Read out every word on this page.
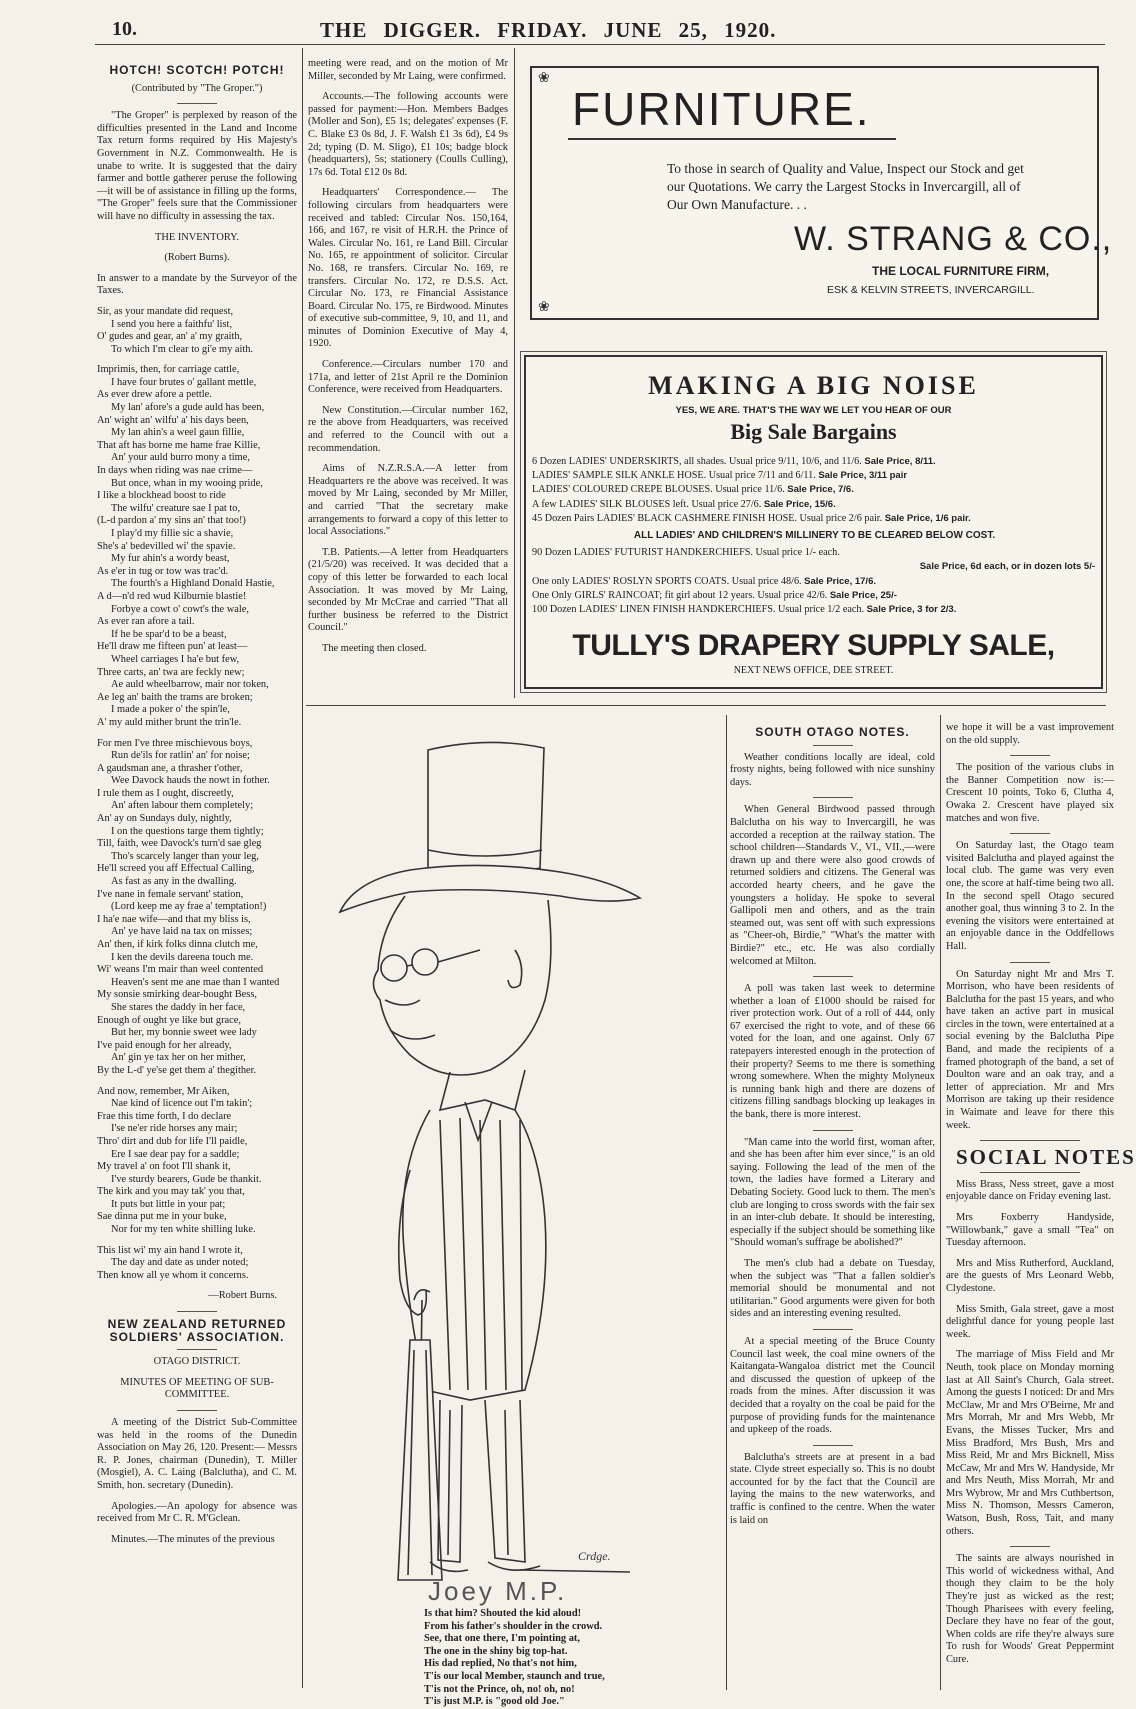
10.	THE DIGGER. FRIDAY. JUNE 25, 1920.
HOTCH! SCOTCH! POTCH!

(Contributed by "The Groper.")

"The Groper" is perplexed by reason of the difficulties presented in the Land and Income Tax return forms required by His Majesty's Government in N.Z. Commonwealth. He is unabe to write. It is suggested that the dairy farmer and bottle gatherer peruse the following—it will be of assistance in filling up the forms, "The Groper" feels sure that the Commissioner will have no difficulty in assessing the tax.

THE INVENTORY.

(Robert Burns).

In answer to a mandate by the Surveyor of the Taxes.

Sir, as your mandate did request,
I send you here a faithfu' list,
O' gudes and gear, an' a' my graith,
To which I'm clear to gi'e my aith.
Imprimis, then, for carriage cattle,
I have four brutes o' gallant mettle,
As ever drew afore a pettle.
My lan' afore's a gude auld has been,
An' wight an' wilfu' a' his days been,
My lan ahin's a weel gaun fillie,
That aft has borne me hame frae Killie,
An' your auld burro mony a time,
In days when riding was nae crime—
But once, whan in my wooing pride,
I like a blockhead boost to ride
The wilfu' creature sae I pat to,
(L-d pardon a' my sins an' that too!)
I play'd my fillie sic a shavie,
She's a' bedevilled wi' the spavie.
My fur ahin's a wordy beast,
As e'er in tug or tow was trac'd.
The fourth's a Highland Donald Hastie,
A d—n'd red wud Kilburnie blastie!
Forbye a cowt o' cowt's the wale,
As ever ran afore a tail.
If he be spar'd to be a beast,
He'll draw me fifteen pun' at least—
Wheel carriages I ha'e but few,
Three carts, an' twa are feckly new;
Ae auld wheelbarrow, mair nor token,
Ae leg an' baith the trams are broken;
I made a poker o' the spin'le,
A' my auld mither brunt the trin'le.
For men I've three mischievous boys,
Run de'ils for ratlin' an' for noise;
A gaudsman ane, a thrasher t'other,
Wee Davock hauds the nowt in fother.
I rule them as I ought, discreetly,
An' aften labour them completely;
An' ay on Sundays duly, nightly,
I on the questions targe them tightly;
Till, faith, wee Davock's turn'd sae gleg
Tho's scarcely langer than your leg,
He'll screed you aff Effectual Calling,
As fast as any in the dwalling.
I've nane in female servant' station,
(Lord keep me ay frae a' temptation!)
I ha'e nae wife—and that my bliss is,
An' ye have laid na tax on misses;
An' then, if kirk folks dinna clutch me,
I ken the devils dareena touch me.
Wi' weans I'm mair than weel contented
Heaven's sent me ane mae than I wanted
My sonsie smirking dear-bought Bess,
She stares the daddy in her face,
Enough of ought ye like but grace,
But her, my bonnie sweet wee lady
I've paid enough for her already,
An' gin ye tax her on her mither,
By the L-d' ye'se get them a' thegither.
And now, remember, Mr Aiken,
Nae kind of licence out I'm takin';
Frae this time forth, I do declare
I'se ne'er ride horses any mair;
Thro' dirt and dub for life I'll paidle,
Ere I sae dear pay for a saddle;
My travel a' on foot I'll shank it,
I've sturdy bearers, Gude be thankit.
The kirk and you may tak' you that,
It puts but little in your pat;
Sae dinna put me in your buke,
Nor for my ten white shilling luke.
This list wi' my ain hand I wrote it,
The day and date as under noted;
Then know all ye whom it concerns.

—Robert Burns.

NEW ZEALAND RETURNED
SOLDIERS' ASSOCIATION.

OTAGO DISTRICT.

MINUTES OF MEETING OF SUB-COMMITTEE.

A meeting of the District Sub-Committee was held in the rooms of the Dunedin Association on May 26, 120. Present:— Messrs R. P. Jones, chairman (Dunedin), T. Miller (Mosgiel), A. C. Laing (Balclutha), and C. M. Smith, hon. secretary (Dunedin).

Apologies.—An apology for absence was received from Mr C. R. M'Gclean.

Minutes.—The minutes of the previous

meeting were read, and on the motion of Mr Miller, seconded by Mr Laing, were confirmed.

Accounts.—The following accounts were passed for payment:—Hon. Members Badges (Moller and Son), £5 1s; delegates' expenses (F. C. Blake £3 0s 8d, J. F. Walsh £1 3s 6d), £4 9s 2d; typing (D. M. Sligo), £1 10s; badge block (headquarters), 5s; stationery (Coulls Culling), 17s 6d. Total £12 0s 8d.

Headquarters' Correspondence.— The following circulars from headquarters were received and tabled: Circular Nos. 150,164, 166, and 167, re visit of H.R.H. the Prince of Wales. Circular No. 161, re Land Bill. Circular No. 165, re appointment of solicitor. Circular No. 168, re transfers. Circular No. 169, re transfers. Circular No. 172, re D.S.S. Act. Circular No. 173, re Financial Assistance Board. Circular No. 175, re Birdwood. Minutes of executive sub-committee, 9, 10, and 11, and minutes of Dominion Executive of May 4, 1920.

Conference.—Circulars number 170 and 171a, and letter of 21st April re the Dominion Conference, were received from Headquarters.

New Constitution.—Circular number 162, re the above from Headquarters, was received and referred to the Council with out a recommendation.

Aims of N.Z.R.S.A.—A letter from Headquarters re the above was received. It was moved by Mr Laing, seconded by Mr Miller, and carried "That the secretary make arrangements to forward a copy of this letter to local Associations."

T.B. Patients.—A letter from Headquarters (21/5/20) was received. It was decided that a copy of this letter be forwarded to each local Association. It was moved by Mr Laing, seconded by Mr McCrae and carried "That all further business be referred to the District Council."

The meeting then closed.

❀
❀
FURNITURE.
To those in search of Quality and Value, Inspect our Stock and get our Quotations. We carry the Largest Stocks in Invercargill, all of Our Own Manufacture. . .
W. STRANG & CO.,
THE LOCAL FURNITURE FIRM,
ESK & KELVIN STREETS, INVERCARGILL.
MAKING A BIG NOISE
YES, WE ARE. THAT'S THE WAY WE LET YOU HEAR OF OUR
Big Sale Bargains
6 Dozen LADIES' UNDERSKIRTS, all shades. Usual price 9/11, 10/6, and 11/6. Sale Price, 8/11.
LADIES' SAMPLE SILK ANKLE HOSE. Usual price 7/11 and 6/11. Sale Price, 3/11 pair
LADIES' COLOURED CREPE BLOUSES. Usual price 11/6. Sale Price, 7/6.
A few LADIES' SILK BLOUSES left. Usual price 27/6. Sale Price, 15/6.
45 Dozen Pairs LADIES' BLACK CASHMERE FINISH HOSE. Usual price 2/6 pair. Sale Price, 1/6 pair.
ALL LADIES' AND CHILDREN'S MILLINERY TO BE CLEARED BELOW COST.
90 Dozen LADIES' FUTURIST HANDKERCHIEFS. Usual price 1/- each.
Sale Price, 6d each, or in dozen lots 5/-
One only LADIES' ROSLYN SPORTS COATS. Usual price 48/6. Sale Price, 17/6.
One Only GIRLS' RAINCOAT; fit girl about 12 years. Usual price 42/6. Sale Price, 25/-
100 Dozen LADIES' LINEN FINISH HANDKERCHIEFS. Usual price 1/2 each. Sale Price, 3 for 2/3.
TULLY'S DRAPERY SUPPLY SALE,
NEXT NEWS OFFICE, DEE STREET.
Crdge.
Joey M.P.
Is that him? Shouted the kid aloud!
From his father's shoulder in the crowd.
See, that one there, I'm pointing at,
The one in the shiny big top-hat.
His dad replied, No that's not him,
T'is our local Member, staunch and true,
T'is not the Prince, oh, no! oh, no!
T'is just M.P. is "good old Joe."
SOUTH OTAGO NOTES.

Weather conditions locally are ideal, cold frosty nights, being followed with nice sunshiny days.

When General Birdwood passed through Balclutha on his way to Invercargill, he was accorded a reception at the railway station. The school children—Standards V., VI., VII.,—were drawn up and there were also good crowds of returned soldiers and citizens. The General was accorded hearty cheers, and he gave the youngsters a holiday. He spoke to several Gallipoli men and others, and as the train steamed out, was sent off with such expressions as "Cheer-oh, Birdie," "What's the matter with Birdie?" etc., etc. He was also cordially welcomed at Milton.

A poll was taken last week to determine whether a loan of £1000 should be raised for river protection work. Out of a roll of 444, only 67 exercised the right to vote, and of these 66 voted for the loan, and one against. Only 67 ratepayers interested enough in the protection of their property? Seems to me there is something wrong somewhere. When the mighty Molyneux is running bank high and there are dozens of citizens filling sandbags blocking up leakages in the bank, there is more interest.

"Man came into the world first, woman after, and she has been after him ever since," is an old saying. Following the lead of the men of the town, the ladies have formed a Literary and Debating Society. Good luck to them. The men's club are longing to cross swords with the fair sex in an inter-club debate. It should be interesting, especially if the subject should be something like "Should woman's suffrage be abolished?"

The men's club had a debate on Tuesday, when the subject was "That a fallen soldier's memorial should be monumental and not utilitarian." Good arguments were given for both sides and an interesting evening resulted.

At a special meeting of the Bruce County Council last week, the coal mine owners of the Kaitangata-Wangaloa district met the Council and discussed the question of upkeep of the roads from the mines. After discussion it was decided that a royalty on the coal be paid for the purpose of providing funds for the maintenance and upkeep of the roads.

Balclutha's streets are at present in a bad state. Clyde street especially so. This is no doubt accounted for by the fact that the Council are laying the mains to the new waterworks, and traffic is confined to the centre. When the water is laid on

we hope it will be a vast improvement on the old supply.

The position of the various clubs in the Banner Competition now is:— Crescent 10 points, Toko 6, Clutha 4, Owaka 2. Crescent have played six matches and won five.

On Saturday last, the Otago team visited Balclutha and played against the local club. The game was very even one, the score at half-time being two all. In the second spell Otago secured another goal, thus winning 3 to 2. In the evening the visitors were entertained at an enjoyable dance in the Oddfellows Hall.

On Saturday night Mr and Mrs T. Morrison, who have been residents of Balclutha for the past 15 years, and who have taken an active part in musical circles in the town, were entertained at a social evening by the Balclutha Pipe Band, and made the recipients of a framed photograph of the band, a set of Doulton ware and an oak tray, and a letter of appreciation. Mr and Mrs Morrison are taking up their residence in Waimate and leave for there this week.

SOCIAL NOTES

Miss Brass, Ness street, gave a most enjoyable dance on Friday evening last.

Mrs Foxberry Handyside, "Willowbank," gave a small "Tea" on Tuesday afternoon.

Mrs and Miss Rutherford, Auckland, are the guests of Mrs Leonard Webb, Clydestone.

Miss Smith, Gala street, gave a most delightful dance for young people last week.

The marriage of Miss Field and Mr Neuth, took place on Monday morning last at All Saint's Church, Gala street. Among the guests I noticed: Dr and Mrs McClaw, Mr and Mrs O'Beirne, Mr and Mrs Morrah, Mr and Mrs Webb, Mr Evans, the Misses Tucker, Mrs and Miss Bradford, Mrs Bush, Mrs and Miss Reid, Mr and Mrs Bicknell, Miss McCaw, Mr and Mrs W. Handyside, Mr and Mrs Neuth, Miss Morrah, Mr and Mrs Wybrow, Mr and Mrs Cuthbertson, Miss N. Thomson, Messrs Cameron, Watson, Bush, Ross, Tait, and many others.

The saints are always nourished in This world of wickedness withal, And though they claim to be the holy They're just as wicked as the rest; Though Pharisees with every feeling, Declare they have no fear of the gout, When colds are rife they're always sure To rush for Woods' Great Peppermint Cure.
